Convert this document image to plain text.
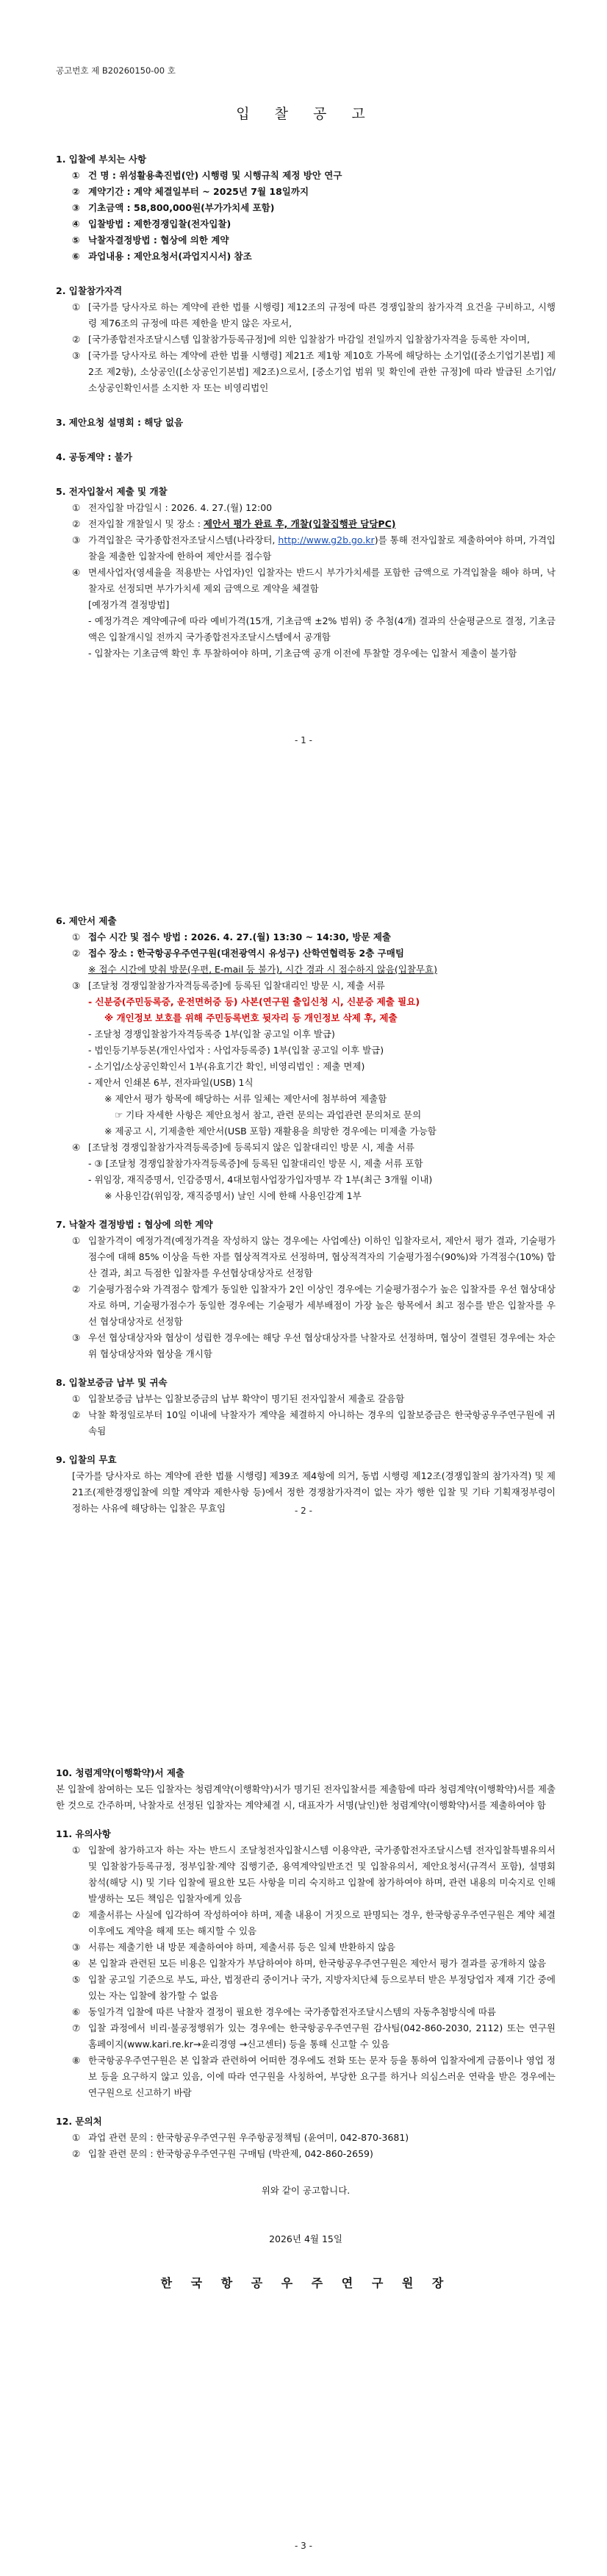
공고번호 제 B20260150-00 호
입 찰 공 고
1. 입찰에 부치는 사항
① 건 명 : 위성활용촉진법(안) 시행령 및 시행규칙 제정 방안 연구
② 계약기간 : 계약 체결일부터 ~ 2025년 7월 18일까지
③ 기초금액 : 58,800,000원(부가가치세 포함)
④ 입찰방법 : 제한경쟁입찰(전자입찰)
⑤ 낙찰자결정방법 : 협상에 의한 계약
⑥ 과업내용 : 제안요청서(과업지시서) 참조
2. 입찰참가자격
① [국가를 당사자로 하는 계약에 관한 법률 시행령] 제12조의 규정에 따른 경쟁입찰의 참가자격 요건을 구비하고, 시행령 제76조의 규정에 따른 제한을 받지 않은 자로서,
② [국가종합전자조달시스템 입찰참가등록규정]에 의한 입찰참가 마감일 전일까지 입찰참가자격을 등록한 자이며,
③ [국가를 당사자로 하는 계약에 관한 법률 시행령] 제21조 제1항 제10호 가목에 해당하는 소기업([중소기업기본법] 제2조 제2항), 소상공인([소상공인기본법] 제2조)으로서, [중소기업 범위 및 확인에 관한 규정]에 따라 발급된 소기업/소상공인확인서를 소지한 자 또는 비영리법인
3. 제안요청 설명회 : 해당 없음
4. 공동계약 : 불가
5. 전자입찰서 제출 및 개찰
① 전자입찰 마감일시 : 2026. 4. 27.(월) 12:00
② 전자입찰 개찰일시 및 장소 : 제안서 평가 완료 후, 개찰(입찰집행관 담당PC)
③ 가격입찰은 국가종합전자조달시스템(나라장터, http://www.g2b.go.kr)를 통해 전자입찰로 제출하여야 하며, 가격입찰을 제출한 입찰자에 한하여 제안서를 접수함
④ 면세사업자(영세율을 적용받는 사업자)인 입찰자는 반드시 부가가치세를 포함한 금액으로 가격입찰을 해야 하며, 낙찰자로 선정되면 부가가치세 제외 금액으로 계약을 체결함
[예정가격 결정방법]
- 예정가격은 계약예규에 따라 예비가격(15개, 기초금액 ±2% 범위) 중 추첨(4개) 결과의 산술평균으로 결정, 기초금액은 입찰개시일 전까지 국가종합전자조달시스템에서 공개함
- 입찰자는 기초금액 확인 후 투찰하여야 하며, 기초금액 공개 이전에 투찰할 경우에는 입찰서 제출이 불가함
- 1 -
6. 제안서 제출
① 접수 시간 및 접수 방법 : 2026. 4. 27.(월) 13:30 ~ 14:30, 방문 제출
② 접수 장소 : 한국항공우주연구원(대전광역시 유성구) 산학연협력동 2층 구매팀
※ 접수 시간에 맞춰 방문(우편, E-mail 등 불가), 시간 경과 시 접수하지 않음(입찰무효)
③ [조달청 경쟁입찰참가자격등록증]에 등록된 입찰대리인 방문 시, 제출 서류
- 신분증(주민등록증, 운전면허증 등) 사본(연구원 출입신청 시, 신분증 제출 필요)
※ 개인정보 보호를 위해 주민등록번호 뒷자리 등 개인정보 삭제 후, 제출
- 조달청 경쟁입찰참가자격등록증 1부(입찰 공고일 이후 발급)
- 법인등기부등본(개인사업자 : 사업자등록증) 1부(입찰 공고일 이후 발급)
- 소기업/소상공인확인서 1부(유효기간 확인, 비영리법인 : 제출 면제)
- 제안서 인쇄본 6부, 전자파일(USB) 1식
※ 제안서 평가 항목에 해당하는 서류 일체는 제안서에 첨부하여 제출함
☞ 기타 자세한 사항은 제안요청서 참고, 관련 문의는 과업관련 문의처로 문의
※ 제공고 시, 기제출한 제안서(USB 포함) 재활용을 희망한 경우에는 미제출 가능함
④ [조달청 경쟁입찰참가자격등록증]에 등록되지 않은 입찰대리인 방문 시, 제출 서류
- ③ [조달청 경쟁입찰참가자격등록증]에 등록된 입찰대리인 방문 시, 제출 서류 포함
- 위임장, 재직증명서, 인감증명서, 4대보험사업장가입자명부 각 1부(최근 3개월 이내)
※ 사용인감(위임장, 재직증명서) 날인 시에 한해 사용인감계 1부
7. 낙찰자 결정방법 : 협상에 의한 계약
① 입찰가격이 예정가격(예정가격을 작성하지 않는 경우에는 사업예산) 이하인 입찰자로서, 제안서 평가 결과, 기술평가점수에 대해 85% 이상을 득한 자를 협상적격자로 선정하며, 협상적격자의 기술평가점수(90%)와 가격점수(10%) 합산 결과, 최고 득점한 입찰자를 우선협상대상자로 선정함
② 기술평가점수와 가격점수 합계가 동일한 입찰자가 2인 이상인 경우에는 기술평가점수가 높은 입찰자를 우선 협상대상자로 하며, 기술평가점수가 동일한 경우에는 기술평가 세부배점이 가장 높은 항목에서 최고 점수를 받은 입찰자를 우선 협상대상자로 선정함
③ 우선 협상대상자와 협상이 성립한 경우에는 해당 우선 협상대상자를 낙찰자로 선정하며, 협상이 결렬된 경우에는 차순위 협상대상자와 협상을 개시함
8. 입찰보증금 납부 및 귀속
① 입찰보증금 납부는 입찰보증금의 납부 확약이 명기된 전자입찰서 제출로 갈음함
② 낙찰 확정일로부터 10일 이내에 낙찰자가 계약을 체결하지 아니하는 경우의 입찰보증금은 한국항공우주연구원에 귀속됨
9. 입찰의 무효
[국가를 당사자로 하는 계약에 관한 법률 시행령] 제39조 제4항에 의거, 동법 시행령 제12조(경쟁입찰의 참가자격) 및 제21조(제한경쟁입찰에 의할 계약과 제한사항 등)에서 정한 경쟁참가자격이 없는 자가 행한 입찰 및 기타 기획재정부령이 정하는 사유에 해당하는 입찰은 무효임	- 2 -
10. 청렴계약(이행확약)서 제출
본 입찰에 참여하는 모든 입찰자는 청렴계약(이행확약)서가 명기된 전자입찰서를 제출함에 따라 청렴계약(이행확약)서를 제출한 것으로 간주하며, 낙찰자로 선정된 입찰자는 계약체결 시, 대표자가 서명(날인)한 청렴계약(이행확약)서를 제출하여야 함
11. 유의사항
① 입찰에 참가하고자 하는 자는 반드시 조달청전자입찰시스템 이용약관, 국가종합전자조달시스템 전자입찰특별유의서 및 입찰참가등록규정, 정부입찰·계약 집행기준, 용역계약일반조건 및 입찰유의서, 제안요청서(규격서 포함), 설명회 참석(해당 시) 및 기타 입찰에 필요한 모든 사항을 미리 숙지하고 입찰에 참가하여야 하며, 관련 내용의 미숙지로 인해 발생하는 모든 책임은 입찰자에게 있음
② 제출서류는 사실에 입각하여 작성하여야 하며, 제출 내용이 거짓으로 판명되는 경우, 한국항공우주연구원은 계약 체결 이후에도 계약을 해제 또는 해지할 수 있음
③ 서류는 제출기한 내 방문 제출하여야 하며, 제출서류 등은 일체 반환하지 않음
④ 본 입찰과 관련된 모든 비용은 입찰자가 부담하여야 하며, 한국항공우주연구원은 제안서 평가 결과를 공개하지 않음
⑤ 입찰 공고일 기준으로 부도, 파산, 법정관리 중이거나 국가, 지방자치단체 등으로부터 받은 부정당업자 제재 기간 중에 있는 자는 입찰에 참가할 수 없음
⑥ 동일가격 입찰에 따른 낙찰자 결정이 필요한 경우에는 국가종합전자조달시스템의 자동추첨방식에 따름
⑦ 입찰 과정에서 비리·불공정행위가 있는 경우에는 한국항공우주연구원 감사팀(042-860-2030, 2112) 또는 연구원 홈페이지(www.kari.re.kr→윤리경영 →신고센터) 등을 통해 신고할 수 있음
⑧ 한국항공우주연구원은 본 입찰과 관련하여 어떠한 경우에도 전화 또는 문자 등을 통하여 입찰자에게 금품이나 영업 정보 등을 요구하지 않고 있음, 이에 따라 연구원을 사칭하여, 부당한 요구를 하거나 의심스러운 연락을 받은 경우에는 연구원으로 신고하기 바람
12. 문의처
① 과업 관련 문의 : 한국항공우주연구원 우주항공정책팀 (윤여미, 042-870-3681)
② 입찰 관련 문의 : 한국항공우주연구원 구매팀 (박관제, 042-860-2659)
위와 같이 공고합니다.
2026년 4월 15일
한 국 항 공 우 주 연 구 원 장
- 3 -
